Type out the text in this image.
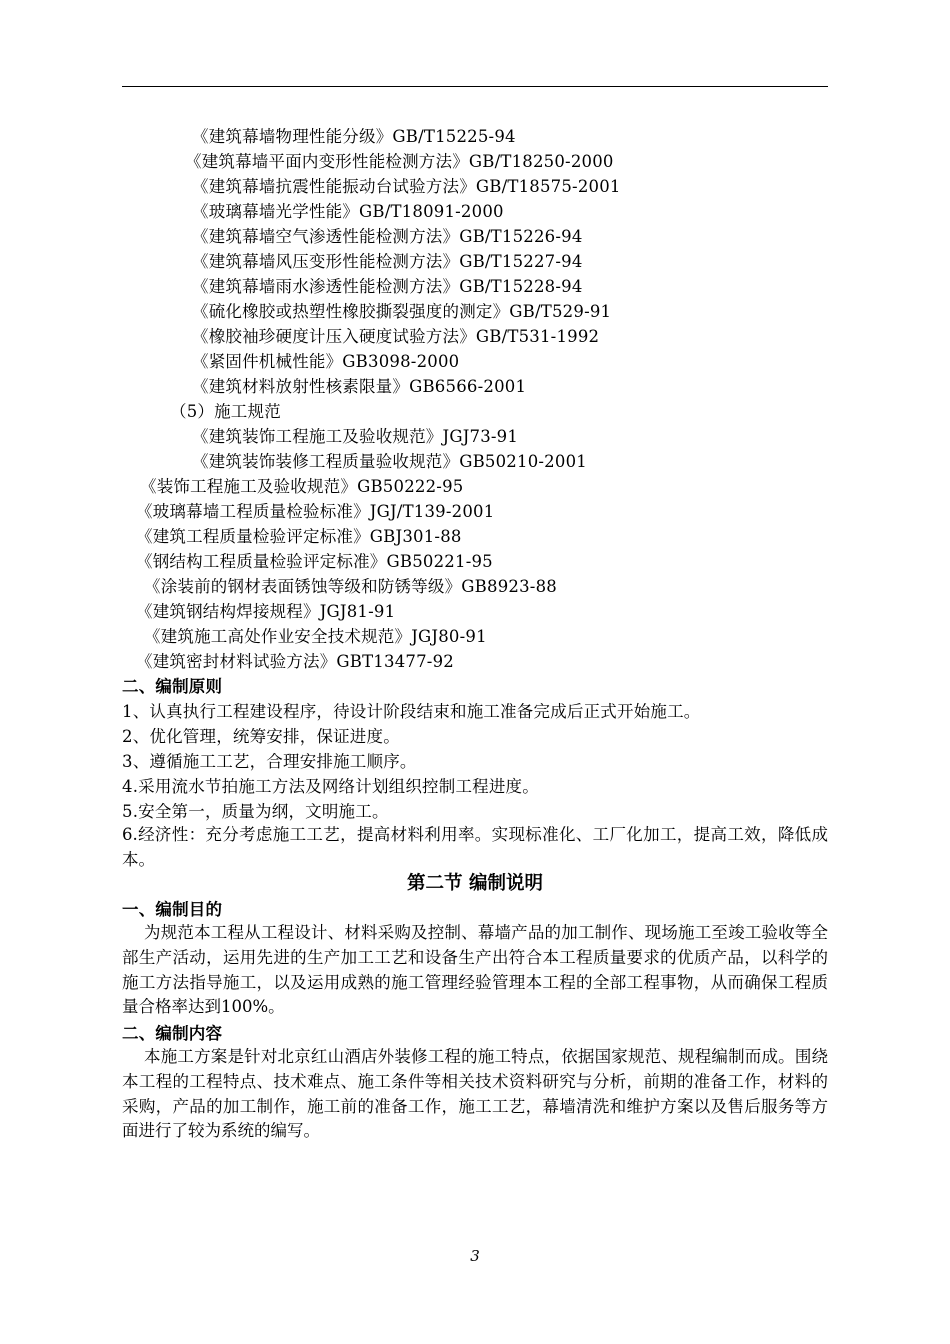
《建筑幕墙物理性能分级》GB/T15225-94
《建筑幕墙平面内变形性能检测方法》GB/T18250-2000
《建筑幕墙抗震性能振动台试验方法》GB/T18575-2001
《玻璃幕墙光学性能》GB/T18091-2000
《建筑幕墙空气渗透性能检测方法》GB/T15226-94
《建筑幕墙风压变形性能检测方法》GB/T15227-94
《建筑幕墙雨水渗透性能检测方法》GB/T15228-94
《硫化橡胶或热塑性橡胶撕裂强度的测定》GB/T529-91
《橡胶袖珍硬度计压入硬度试验方法》GB/T531-1992
《紧固件机械性能》GB3098-2000
《建筑材料放射性核素限量》GB6566-2001
（5）施工规范
《建筑装饰工程施工及验收规范》JGJ73-91
《建筑装饰装修工程质量验收规范》GB50210-2001
《装饰工程施工及验收规范》GB50222-95
《玻璃幕墙工程质量检验标准》JGJ/T139-2001
《建筑工程质量检验评定标准》GBJ301-88
《钢结构工程质量检验评定标准》GB50221-95
《涂装前的钢材表面锈蚀等级和防锈等级》GB8923-88
《建筑钢结构焊接规程》JGJ81-91
《建筑施工高处作业安全技术规范》JGJ80-91
《建筑密封材料试验方法》GBT13477-92
二、编制原则
1、认真执行工程建设程序，待设计阶段结束和施工准备完成后正式开始施工。
2、优化管理，统筹安排，保证进度。
3、遵循施工工艺，合理安排施工顺序。
4.采用流水节拍施工方法及网络计划组织控制工程进度。
5.安全第一，质量为纲，文明施工。
6.经济性：充分考虑施工工艺，提高材料利用率。实现标准化、工厂化加工，提高工效，降低成本。
第二节 编制说明
一、编制目的
为规范本工程从工程设计、材料采购及控制、幕墙产品的加工制作、现场施工至竣工验收等全部生产活动，运用先进的生产加工工艺和设备生产出符合本工程质量要求的优质产品，以科学的施工方法指导施工，以及运用成熟的施工管理经验管理本工程的全部工程事物，从而确保工程质量合格率达到100%。
二、编制内容
本施工方案是针对北京红山酒店外装修工程的施工特点，依据国家规范、规程编制而成。围绕本工程的工程特点、技术难点、施工条件等相关技术资料研究与分析，前期的准备工作，材料的采购，产品的加工制作，施工前的准备工作，施工工艺，幕墙清洗和维护方案以及售后服务等方面进行了较为系统的编写。
3
